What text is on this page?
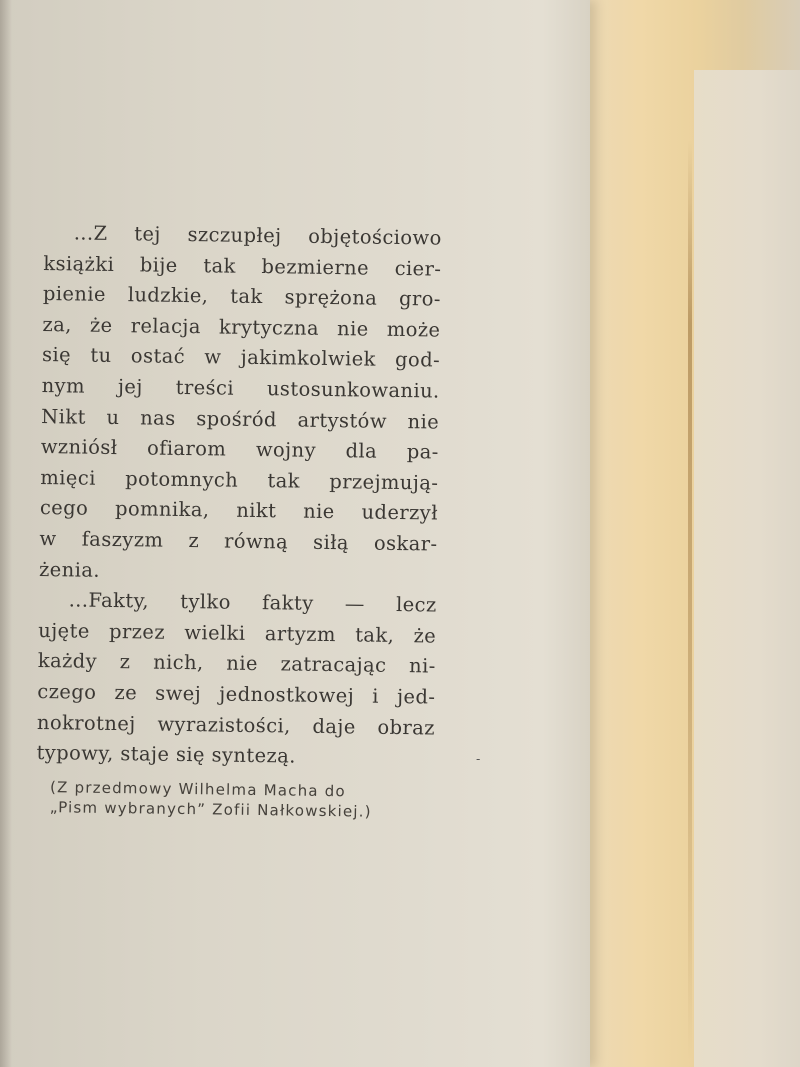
...Z tej szczupłej objętościowo
książki bije tak bezmierne cier-
pienie ludzkie, tak sprężona gro-
za, że relacja krytyczna nie może
się tu ostać w jakimkolwiek god-
nym jej treści ustosunkowaniu.
Nikt u nas spośród artystów nie
wzniósł ofiarom wojny dla pa-
mięci potomnych tak przejmują-
cego pomnika, nikt nie uderzył
w faszyzm z równą siłą oskar-
żenia.
...Fakty, tylko fakty — lecz
ujęte przez wielki artyzm tak, że
każdy z nich, nie zatracając ni-
czego ze swej jednostkowej i jed-
nokrotnej wyrazistości, daje obraz
typowy, staje się syntezą.
(Z przedmowy Wilhelma Macha do
„Pism wybranych” Zofii Nałkowskiej.)
-
